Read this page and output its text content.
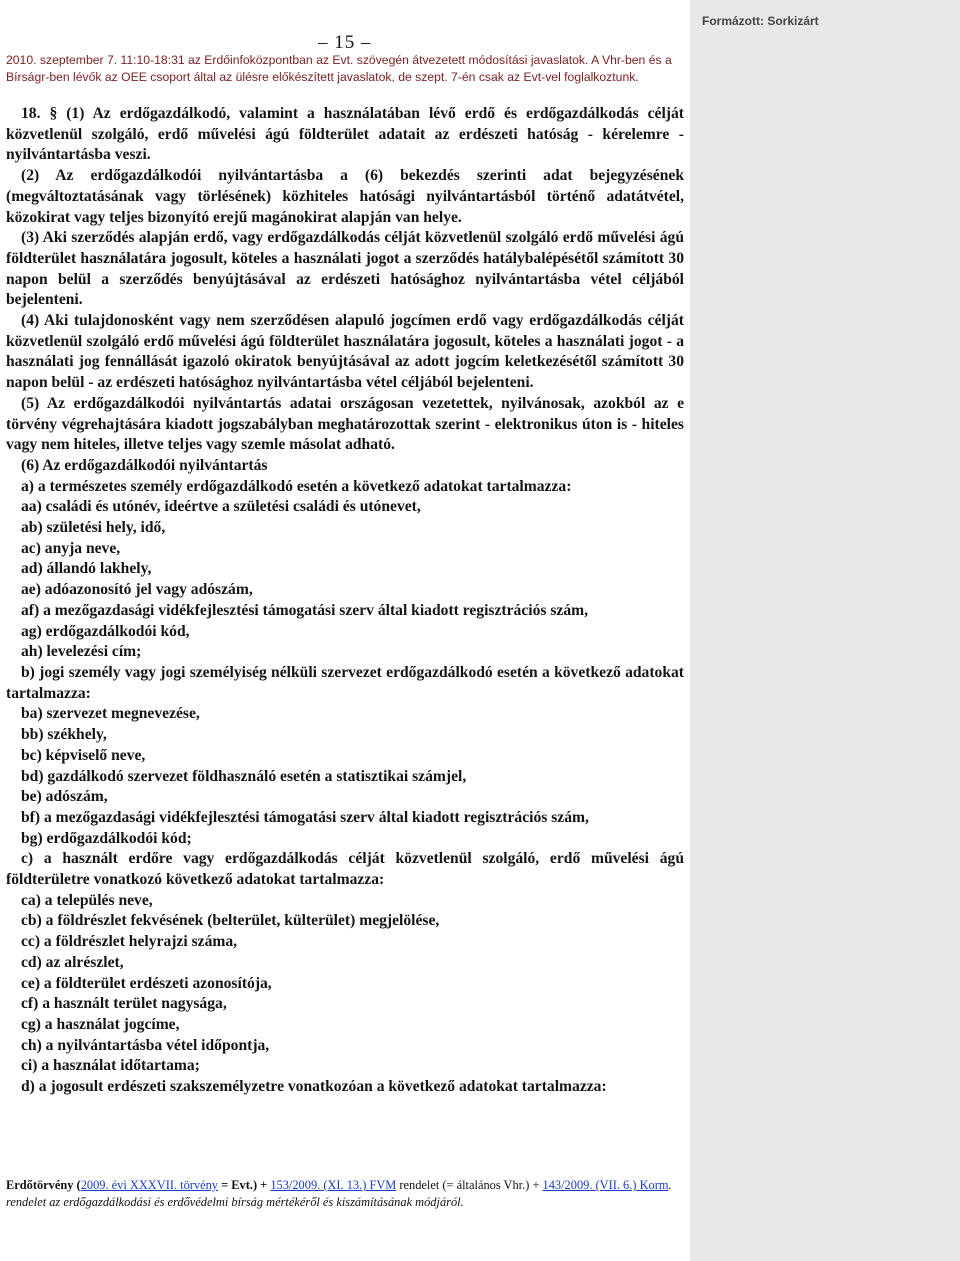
Formázott: Sorkizárt
– 15 –
2010. szeptember 7. 11:10-18:31 az Erdőinfoközpontban az Evt. szövegén átvezetett módosítási javaslatok. A Vhr-ben és a Bírságr-ben lévők az OEE csoport által az ülésre előkészített javaslatok, de szept. 7-én csak az Evt-vel foglalkoztunk.

18. § (1) Az erdőgazdálkodó, valamint a használatában lévő erdő és erdőgazdálkodás célját közvetlenül szolgáló, erdő művelési ágú földterület adatait az erdészeti hatóság - kérelemre - nyilvántartásba veszi.

(2) Az erdőgazdálkodói nyilvántartásba a (6) bekezdés szerinti adat bejegyzésének (megváltoztatásának vagy törlésének) közhiteles hatósági nyilvántartásból történő adatátvétel, közokirat vagy teljes bizonyító erejű magánokirat alapján van helye.

(3) Aki szerződés alapján erdő, vagy erdőgazdálkodás célját közvetlenül szolgáló erdő művelési ágú földterület használatára jogosult, köteles a használati jogot a szerződés hatálybalépésétől számított 30 napon belül a szerződés benyújtásával az erdészeti hatósághoz nyilvántartásba vétel céljából bejelenteni.

(4) Aki tulajdonosként vagy nem szerződésen alapuló jogcímen erdő vagy erdőgazdálkodás célját közvetlenül szolgáló erdő művelési ágú földterület használatára jogosult, köteles a használati jogot - a használati jog fennállását igazoló okiratok benyújtásával az adott jogcím keletkezésétől számított 30 napon belül - az erdészeti hatósághoz nyilvántartásba vétel céljából bejelenteni.

(5) Az erdőgazdálkodói nyilvántartás adatai országosan vezetettek, nyilvánosak, azokból az e törvény végrehajtására kiadott jogszabályban meghatározottak szerint - elektronikus úton is - hiteles vagy nem hiteles, illetve teljes vagy szemle másolat adható.

(6) Az erdőgazdálkodói nyilvántartás

a) a természetes személy erdőgazdálkodó esetén a következő adatokat tartalmazza:

aa) családi és utónév, ideértve a születési családi és utónevet,

ab) születési hely, idő,

ac) anyja neve,

ad) állandó lakhely,

ae) adóazonosító jel vagy adószám,

af) a mezőgazdasági vidékfejlesztési támogatási szerv által kiadott regisztrációs szám,

ag) erdőgazdálkodói kód,

ah) levelezési cím;

b) jogi személy vagy jogi személyiség nélküli szervezet erdőgazdálkodó esetén a következő adatokat tartalmazza:

ba) szervezet megnevezése,

bb) székhely,

bc) képviselő neve,

bd) gazdálkodó szervezet földhasználó esetén a statisztikai számjel,

be) adószám,

bf) a mezőgazdasági vidékfejlesztési támogatási szerv által kiadott regisztrációs szám,

bg) erdőgazdálkodói kód;

c) a használt erdőre vagy erdőgazdálkodás célját közvetlenül szolgáló, erdő művelési ágú földterületre vonatkozó következő adatokat tartalmazza:

ca) a település neve,

cb) a földrészlet fekvésének (belterület, külterület) megjelölése,

cc) a földrészlet helyrajzi száma,

cd) az alrészlet,

ce) a földterület erdészeti azonosítója,

cf) a használt terület nagysága,

cg) a használat jogcíme,

ch) a nyilvántartásba vétel időpontja,

ci) a használat időtartama;

d) a jogosult erdészeti szakszemélyzetre vonatkozóan a következő adatokat tartalmazza:

Erdőtörvény (2009. évi XXXVII. törvény = Evt.) + 153/2009. (XI. 13.) FVM rendelet (= általános Vhr.) + 143/2009. (VII. 6.) Korm. rendelet az erdőgazdálkodási és erdővédelmi bírság mértékéről és kiszámításának módjáról.
